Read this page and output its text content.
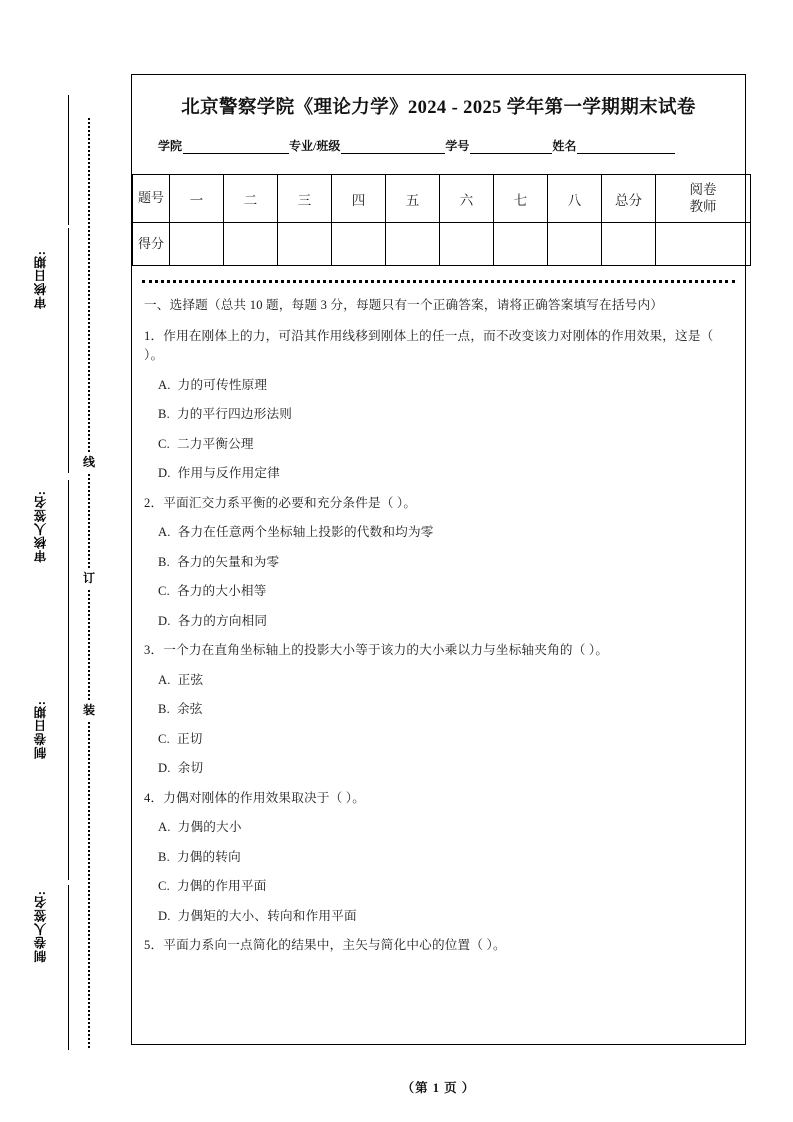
审核日期:
审核人签名:
制卷日期:
制卷人签名:
线
订
装
北京警察学院《理论力学》2024 - 2025 学年第一学期期末试卷
学院	专业/班级	学号	姓名
题号	一	二	三	四	五	六	七	八	总分	阅卷
教师

得分										

一、选择题（总共 10 题，每题 3 分，每题只有一个正确答案，请将正确答案填写在括号内）
1．作用在刚体上的力，可沿其作用线移到刚体上的任一点，而不改变该力对刚体的作用效果，这是（ ）。
A. 力的可传性原理
B. 力的平行四边形法则
C. 二力平衡公理
D. 作用与反作用定律
2．平面汇交力系平衡的必要和充分条件是（ ）。
A. 各力在任意两个坐标轴上投影的代数和均为零
B. 各力的矢量和为零
C. 各力的大小相等
D. 各力的方向相同
3．一个力在直角坐标轴上的投影大小等于该力的大小乘以力与坐标轴夹角的（ ）。
A. 正弦
B. 余弦
C. 正切
D. 余切
4．力偶对刚体的作用效果取决于（ ）。
A. 力偶的大小
B. 力偶的转向
C. 力偶的作用平面
D. 力偶矩的大小、转向和作用平面
5．平面力系向一点简化的结果中，主矢与简化中心的位置（ ）。
（第 1 页 ）
